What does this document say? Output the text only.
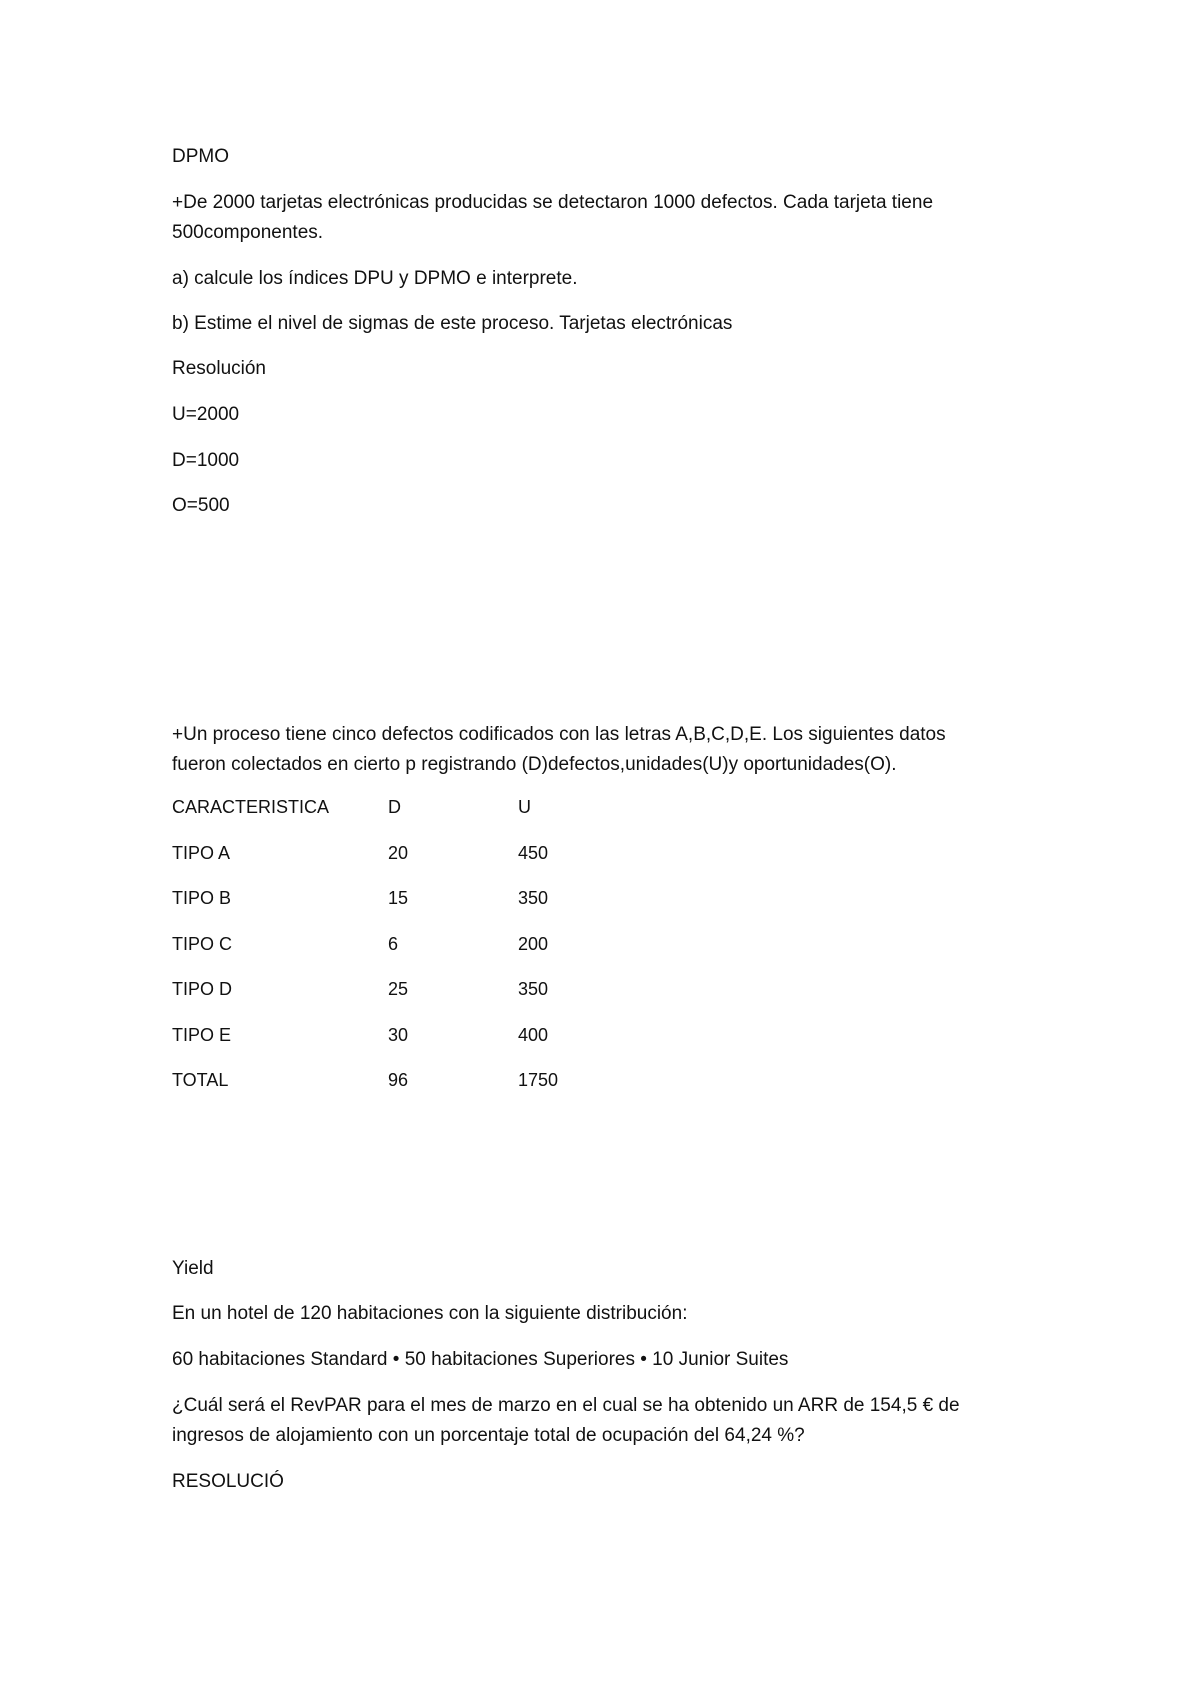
DPMO
+De 2000 tarjetas electrónicas producidas se detectaron 1000 defectos. Cada tarjeta tiene
500componentes.
a) calcule los índices DPU y DPMO e interprete.
b) Estime el nivel de sigmas de este proceso. Tarjetas electrónicas
Resolución
U=2000
D=1000
O=500
+Un proceso tiene cinco defectos codificados con las letras A,B,C,D,E. Los siguientes datos
fueron colectados en cierto p registrando (D)defectos,unidades(U)y oportunidades(O).
CARACTERISTICA	D	U
TIPO A	20	450
TIPO B	15	350
TIPO C	6	200
TIPO D	25	350
TIPO E	30	400
TOTAL	96	1750
Yield
En un hotel de 120 habitaciones con la siguiente distribución:
60 habitaciones Standard • 50 habitaciones Superiores • 10 Junior Suites
¿Cuál será el RevPAR para el mes de marzo en el cual se ha obtenido un ARR de 154,5 € de
ingresos de alojamiento con un porcentaje total de ocupación del 64,24 %?
RESOLUCIÓ
